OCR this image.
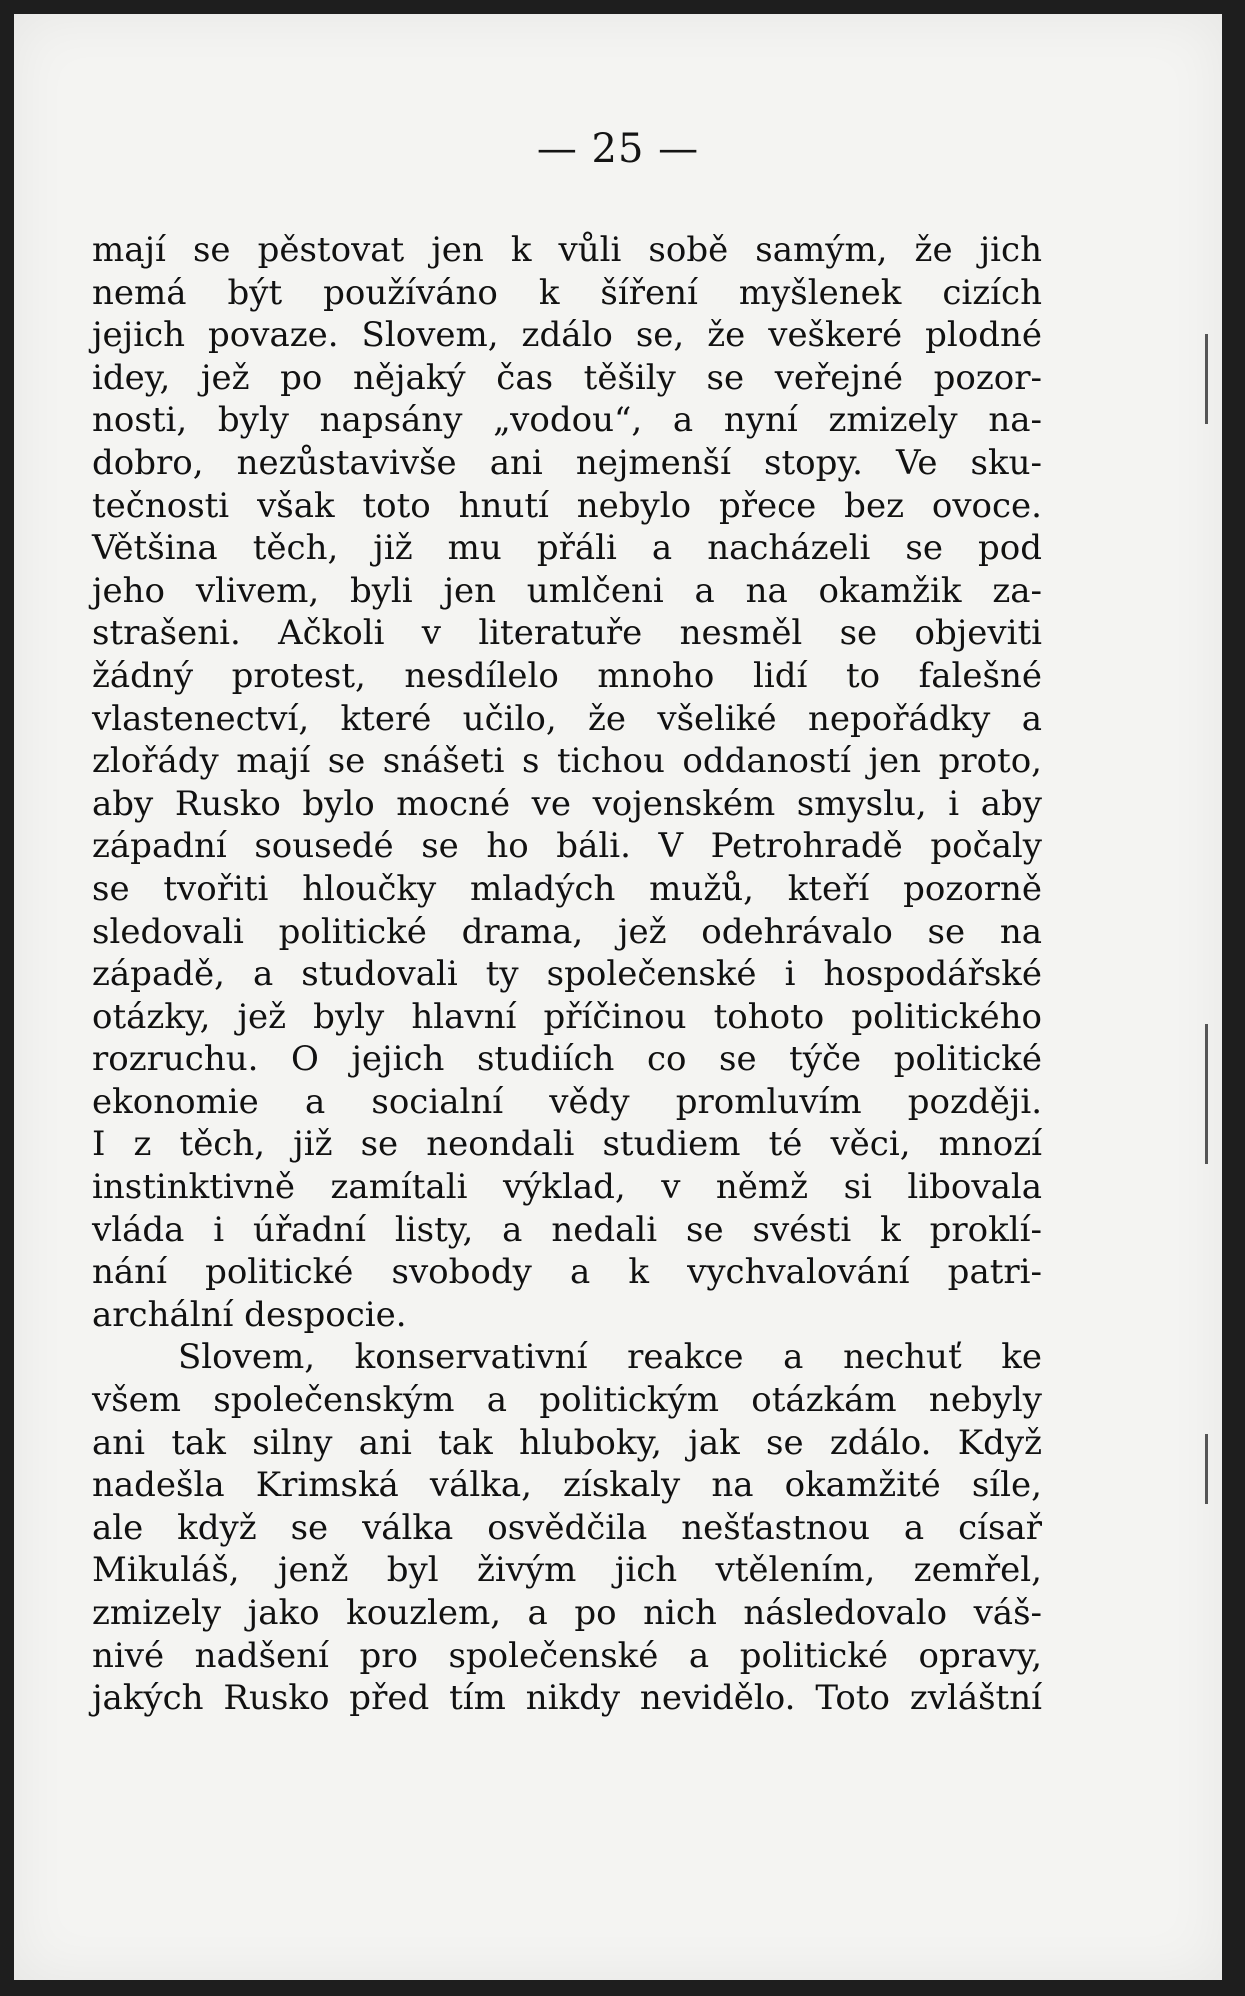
— 25 —
mají se pěstovat jen k vůli sobě samým, že jich
nemá být používáno k šíření myšlenek cizích
jejich povaze. Slovem, zdálo se, že veškeré plodné
idey, jež po nějaký čas těšily se veřejné pozor-
nosti, byly napsány „vodou“, a nyní zmizely na-
dobro, nezůstavivše ani nejmenší stopy. Ve sku-
tečnosti však toto hnutí nebylo přece bez ovoce.
Většina těch, již mu přáli a nacházeli se pod
jeho vlivem, byli jen umlčeni a na okamžik za-
strašeni. Ačkoli v literatuře nesměl se objeviti
žádný protest, nesdílelo mnoho lidí to falešné
vlastenectví, které učilo, že všeliké nepořádky a
zlořády mají se snášeti s tichou oddaností jen proto,
aby Rusko bylo mocné ve vojenském smyslu, i aby
západní sousedé se ho báli. V Petrohradě počaly
se tvořiti hloučky mladých mužů, kteří pozorně
sledovali politické drama, jež odehrávalo se na
západě, a studovali ty společenské i hospodářské
otázky, jež byly hlavní příčinou tohoto politického
rozruchu. O jejich studiích co se týče politické
ekonomie a socialní vědy promluvím později.
I z těch, již se neondali studiem té věci, mnozí
instinktivně zamítali výklad, v němž si libovala
vláda i úřadní listy, a nedali se svésti k proklí-
nání politické svobody a k vychvalování patri-
archální despocie.
Slovem, konservativní reakce a nechuť ke
všem společenským a politickým otázkám nebyly
ani tak silny ani tak hluboky, jak se zdálo. Když
nadešla Krimská válka, získaly na okamžité síle,
ale když se válka osvědčila nešťastnou a císař
Mikuláš, jenž byl živým jich vtělením, zemřel,
zmizely jako kouzlem, a po nich následovalo váš-
nivé nadšení pro společenské a politické opravy,
jakých Rusko před tím nikdy nevidělo. Toto zvláštní
